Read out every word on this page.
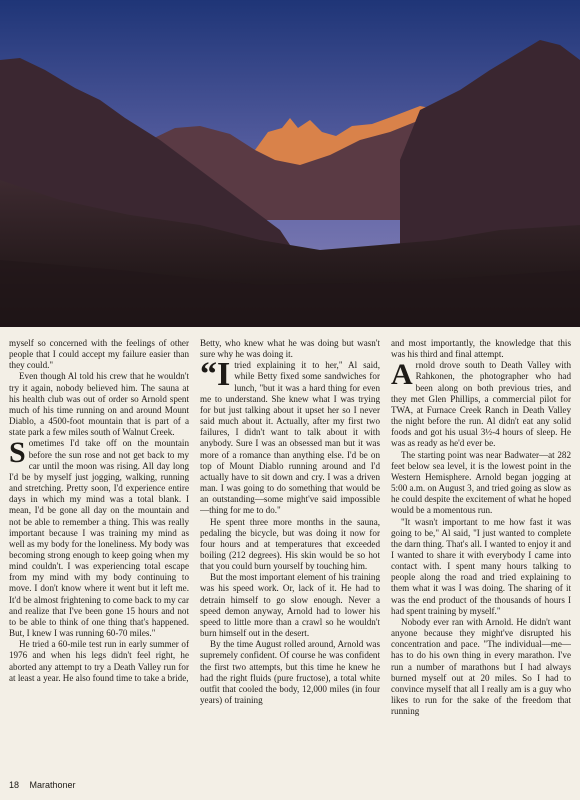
myself so concerned with the feelings of other people that I could accept my failure easier than they could."

Even though Al told his crew that he wouldn't try it again, nobody believed him. The sauna at his health club was out of order so Arnold spent much of his time running on and around Mount Diablo, a 4500-foot mountain that is part of a state park a few miles south of Walnut Creek.

Sometimes I'd take off on the mountain before the sun rose and not get back to my car until the moon was rising. All day long I'd be by myself just jogging, walking, running and stretching. Pretty soon, I'd experience entire days in which my mind was a total blank. I mean, I'd be gone all day on the mountain and not be able to remember a thing. This was really important because I was training my mind as well as my body for the loneliness. My body was becoming strong enough to keep going when my mind couldn't. I was experiencing total escape from my mind with my body continuing to move. I don't know where it went but it left me. It'd be almost frightening to come back to my car and realize that I've been gone 15 hours and not to be able to think of one thing that's happened. But, I knew I was running 60-70 miles."

He tried a 60-mile test run in early summer of 1976 and when his legs didn't feel right, he aborted any attempt to try a Death Valley run for at least a year. He also found time to take a bride,

Betty, who knew what he was doing but wasn't sure why he was doing it.

“I tried explaining it to her," Al said, while Betty fixed some sandwiches for lunch, "but it was a hard thing for even me to understand. She knew what I was trying for but just talking about it upset her so I never said much about it. Actually, after my first two failures, I didn't want to talk about it with anybody. Sure I was an obsessed man but it was more of a romance than anything else. I'd be on top of Mount Diablo running around and I'd actually have to sit down and cry. I was a driven man. I was going to do something that would be an outstanding—some might've said impossible—thing for me to do."

He spent three more months in the sauna, pedaling the bicycle, but was doing it now for four hours and at temperatures that exceeded boiling (212 degrees). His skin would be so hot that you could burn yourself by touching him.

But the most important element of his training was his speed work. Or, lack of it. He had to detrain himself to go slow enough. Never a speed demon anyway, Arnold had to lower his speed to little more than a crawl so he wouldn't burn himself out in the desert.

By the time August rolled around, Arnold was supremely confident. Of course he was confident the first two attempts, but this time he knew he had the right fluids (pure fructose), a total white outfit that cooled the body, 12,000 miles (in four years) of training

and most importantly, the knowledge that this was his third and final attempt.

Arnold drove south to Death Valley with Rahkonen, the photographer who had been along on both previous tries, and they met Glen Phillips, a commercial pilot for TWA, at Furnace Creek Ranch in Death Valley the night before the run. Al didn't eat any solid foods and got his usual 3½-4 hours of sleep. He was as ready as he'd ever be.

The starting point was near Badwater—at 282 feet below sea level, it is the lowest point in the Western Hemisphere. Arnold began jogging at 5:00 a.m. on August 3, and tried going as slow as he could despite the excitement of what he hoped would be a momentous run.

"It wasn't important to me how fast it was going to be," Al said, "I just wanted to complete the darn thing. That's all. I wanted to enjoy it and I wanted to share it with everybody I came into contact with. I spent many hours talking to people along the road and tried explaining to them what it was I was doing. The sharing of it was the end product of the thousands of hours I had spent training by myself."

Nobody ever ran with Arnold. He didn't want anyone because they might've disrupted his concentration and pace. "The individual—me—has to do his own thing in every marathon. I've run a number of marathons but I had always burned myself out at 20 miles. So I had to convince myself that all I really am is a guy who likes to run for the sake of the freedom that running

18 Marathoner
